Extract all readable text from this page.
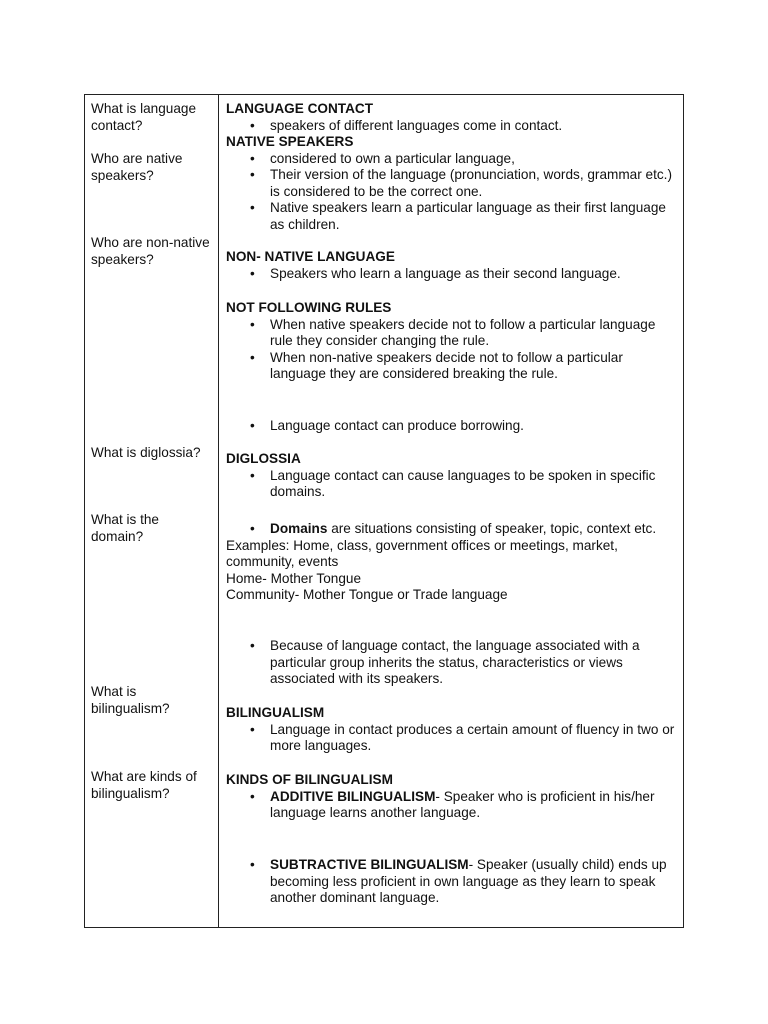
What is language contact?
Who are native speakers?
Who are non-native speakers?
What is diglossia?
What is the domain?
What is bilingualism?
What are kinds of bilingualism?
LANGUAGE CONTACT
• speakers of different languages come in contact.
NATIVE SPEAKERS
• considered to own a particular language,
• Their version of the language (pronunciation, words, grammar etc.) is considered to be the correct one.
• Native speakers learn a particular language as their first language as children.
NON- NATIVE LANGUAGE
• Speakers who learn a language as their second language.
NOT FOLLOWING RULES
• When native speakers decide not to follow a particular language rule they consider changing the rule.
• When non-native speakers decide not to follow a particular language they are considered breaking the rule.
• Language contact can produce borrowing.
DIGLOSSIA
• Language contact can cause languages to be spoken in specific domains.
• Domains are situations consisting of speaker, topic, context etc.
Examples: Home, class, government offices or meetings, market, community, events
Home- Mother Tongue
Community- Mother Tongue or Trade language
• Because of language contact, the language associated with a particular group inherits the status, characteristics or views associated with its speakers.
BILINGUALISM
• Language in contact produces a certain amount of fluency in two or more languages.
KINDS OF BILINGUALISM
• ADDITIVE BILINGUALISM- Speaker who is proficient in his/her language learns another language.
• SUBTRACTIVE BILINGUALISM- Speaker (usually child) ends up becoming less proficient in own language as they learn to speak another dominant language.
